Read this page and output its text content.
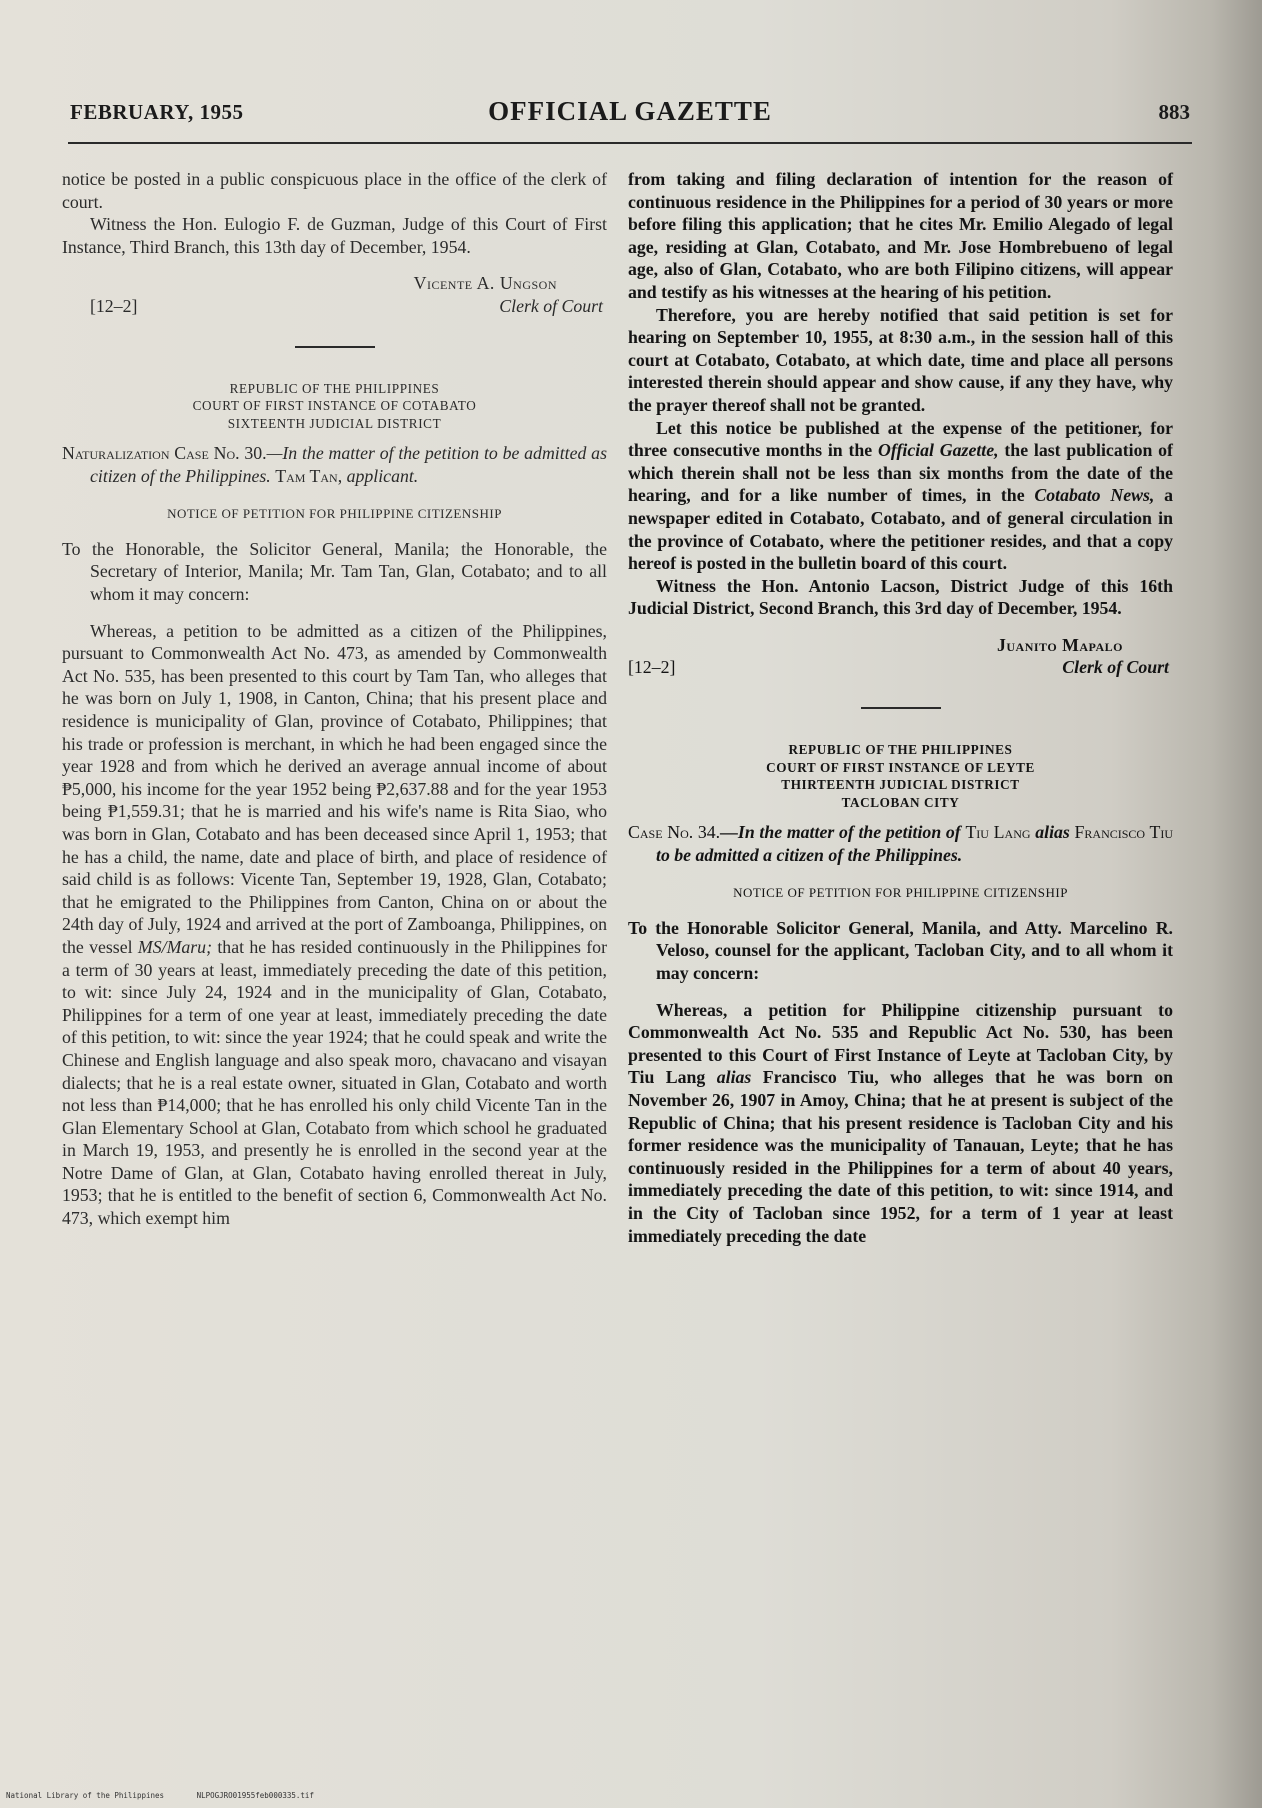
FEBRUARY, 1955	OFFICIAL GAZETTE	883

notice be posted in a public conspicuous place in the office of the clerk of court.

Witness the Hon. Eulogio F. de Guzman, Judge of this Court of First Instance, Third Branch, this 13th day of December, 1954.

[12–2]
Vicente A. Ungson
Clerk of Court
REPUBLIC OF THE PHILIPPINES
COURT OF FIRST INSTANCE OF COTABATO
SIXTEENTH JUDICIAL DISTRICT

Naturalization Case No. 30.—In the matter of the petition to be admitted as citizen of the Philippines. Tam Tan, applicant.

NOTICE OF PETITION FOR PHILIPPINE CITIZENSHIP

To the Honorable, the Solicitor General, Manila; the Honorable, the Secretary of Interior, Manila; Mr. Tam Tan, Glan, Cotabato; and to all whom it may concern:

Whereas, a petition to be admitted as a citizen of the Philippines, pursuant to Commonwealth Act No. 473, as amended by Commonwealth Act No. 535, has been presented to this court by Tam Tan, who alleges that he was born on July 1, 1908, in Canton, China; that his present place and residence is municipality of Glan, province of Cotabato, Philippines; that his trade or profession is merchant, in which he had been engaged since the year 1928 and from which he derived an average annual income of about ₱5,000, his income for the year 1952 being ₱2,637.88 and for the year 1953 being ₱1,559.31; that he is married and his wife's name is Rita Siao, who was born in Glan, Cotabato and has been deceased since April 1, 1953; that he has a child, the name, date and place of birth, and place of residence of said child is as follows: Vicente Tan, September 19, 1928, Glan, Cotabato; that he emigrated to the Philippines from Canton, China on or about the 24th day of July, 1924 and arrived at the port of Zamboanga, Philippines, on the vessel MS/Maru; that he has resided continuously in the Philippines for a term of 30 years at least, immediately preceding the date of this petition, to wit: since July 24, 1924 and in the municipality of Glan, Cotabato, Philippines for a term of one year at least, immediately preceding the date of this petition, to wit: since the year 1924; that he could speak and write the Chinese and English language and also speak moro, chavacano and visayan dialects; that he is a real estate owner, situated in Glan, Cotabato and worth not less than ₱14,000; that he has enrolled his only child Vicente Tan in the Glan Elementary School at Glan, Cotabato from which school he graduated in March 19, 1953, and presently he is enrolled in the second year at the Notre Dame of Glan, at Glan, Cotabato having enrolled thereat in July, 1953; that he is entitled to the benefit of section 6, Commonwealth Act No. 473, which exempt him

from taking and filing declaration of intention for the reason of continuous residence in the Philippines for a period of 30 years or more before filing this application; that he cites Mr. Emilio Alegado of legal age, residing at Glan, Cotabato, and Mr. Jose Hombrebueno of legal age, also of Glan, Cotabato, who are both Filipino citizens, will appear and testify as his witnesses at the hearing of his petition.

Therefore, you are hereby notified that said petition is set for hearing on September 10, 1955, at 8:30 a.m., in the session hall of this court at Cotabato, Cotabato, at which date, time and place all persons interested therein should appear and show cause, if any they have, why the prayer thereof shall not be granted.

Let this notice be published at the expense of the petitioner, for three consecutive months in the Official Gazette, the last publication of which therein shall not be less than six months from the date of the hearing, and for a like number of times, in the Cotabato News, a newspaper edited in Cotabato, Cotabato, and of general circulation in the province of Cotabato, where the petitioner resides, and that a copy hereof is posted in the bulletin board of this court.

Witness the Hon. Antonio Lacson, District Judge of this 16th Judicial District, Second Branch, this 3rd day of December, 1954.

[12–2]
Juanito Mapalo
Clerk of Court
REPUBLIC OF THE PHILIPPINES
COURT OF FIRST INSTANCE OF LEYTE
THIRTEENTH JUDICIAL DISTRICT
TACLOBAN CITY

Case No. 34.—In the matter of the petition of Tiu Lang alias Francisco Tiu to be admitted a citizen of the Philippines.

NOTICE OF PETITION FOR PHILIPPINE CITIZENSHIP

To the Honorable Solicitor General, Manila, and Atty. Marcelino R. Veloso, counsel for the applicant, Tacloban City, and to all whom it may concern:

Whereas, a petition for Philippine citizenship pursuant to Commonwealth Act No. 535 and Republic Act No. 530, has been presented to this Court of First Instance of Leyte at Tacloban City, by Tiu Lang alias Francisco Tiu, who alleges that he was born on November 26, 1907 in Amoy, China; that he at present is subject of the Republic of China; that his present residence is Tacloban City and his former residence was the municipality of Tanauan, Leyte; that he has continuously resided in the Philippines for a term of about 40 years, immediately preceding the date of this petition, to wit: since 1914, and in the City of Tacloban since 1952, for a term of 1 year at least immediately preceding the date

National Library of the Philippines	NLPOGJRO01955feb000335.tif
